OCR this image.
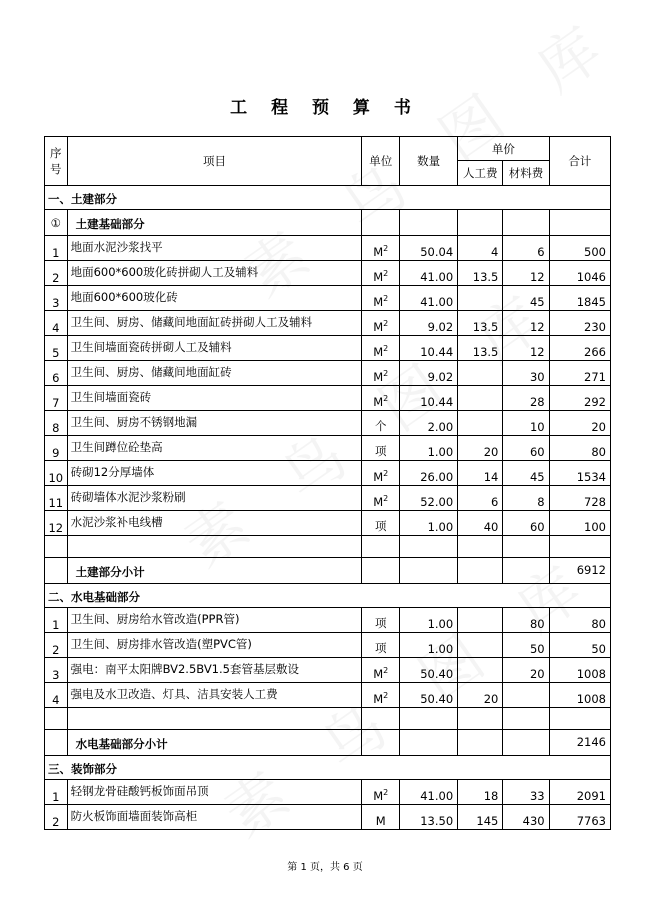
工 程 预 算 书
序号	项目	单位	数量	单价		合计
				人工费	材料费	
一、土建部分						
①	土建基础部分					
1	地面水泥沙浆找平	$M^2$	50.04	4	6	500
2	地面600*600玻化砖拼砌人工及辅料	$M^2$	41.00	13.5	12	1046
3	地面600*600玻化砖	$M^2$	41.00		45	1845
4	卫生间、厨房、储藏间地面缸砖拼砌人工及辅料	$M^2$	9.02	13.5	12	230
5	卫生间墙面瓷砖拼砌人工及辅料	$M^2$	10.44	13.5	12	266
6	卫生间、厨房、储藏间地面缸砖	$M^2$	9.02		30	271
7	卫生间墙面瓷砖	$M^2$	10.44		28	292
8	卫生间、厨房不锈钢地漏	个	2.00		10	20
9	卫生间蹲位砼垫高	项	1.00	20	60	80
10	砖砌12分厚墙体	$M^2$	26.00	14	45	1534
11	砖砌墙体水泥沙浆粉刷	$M^2$	52.00	6	8	728
12	水泥沙浆补电线槽	项	1.00	40	60	100

	土建部分小计					6912
二、水电基础部分						
1	卫生间、厨房给水管改造(PPR管)	项	1.00		80	80
2	卫生间、厨房排水管改造(塑PVC管)	项	1.00		50	50
3	强电：南平太阳牌BV2.5BV1.5套管基层敷设	$M^2$	50.40		20	1008
4	强电及水卫改造、灯具、洁具安装人工费	$M^2$	50.40	20		1008

	水电基础部分小计					2146
三、装饰部分						
1	轻钢龙骨硅酸钙板饰面吊顶	$M^2$	41.00	18	33	2091
2	防火板饰面墙面装饰高柜	M	13.50	145	430	7763
第 1 页，共 6 页
